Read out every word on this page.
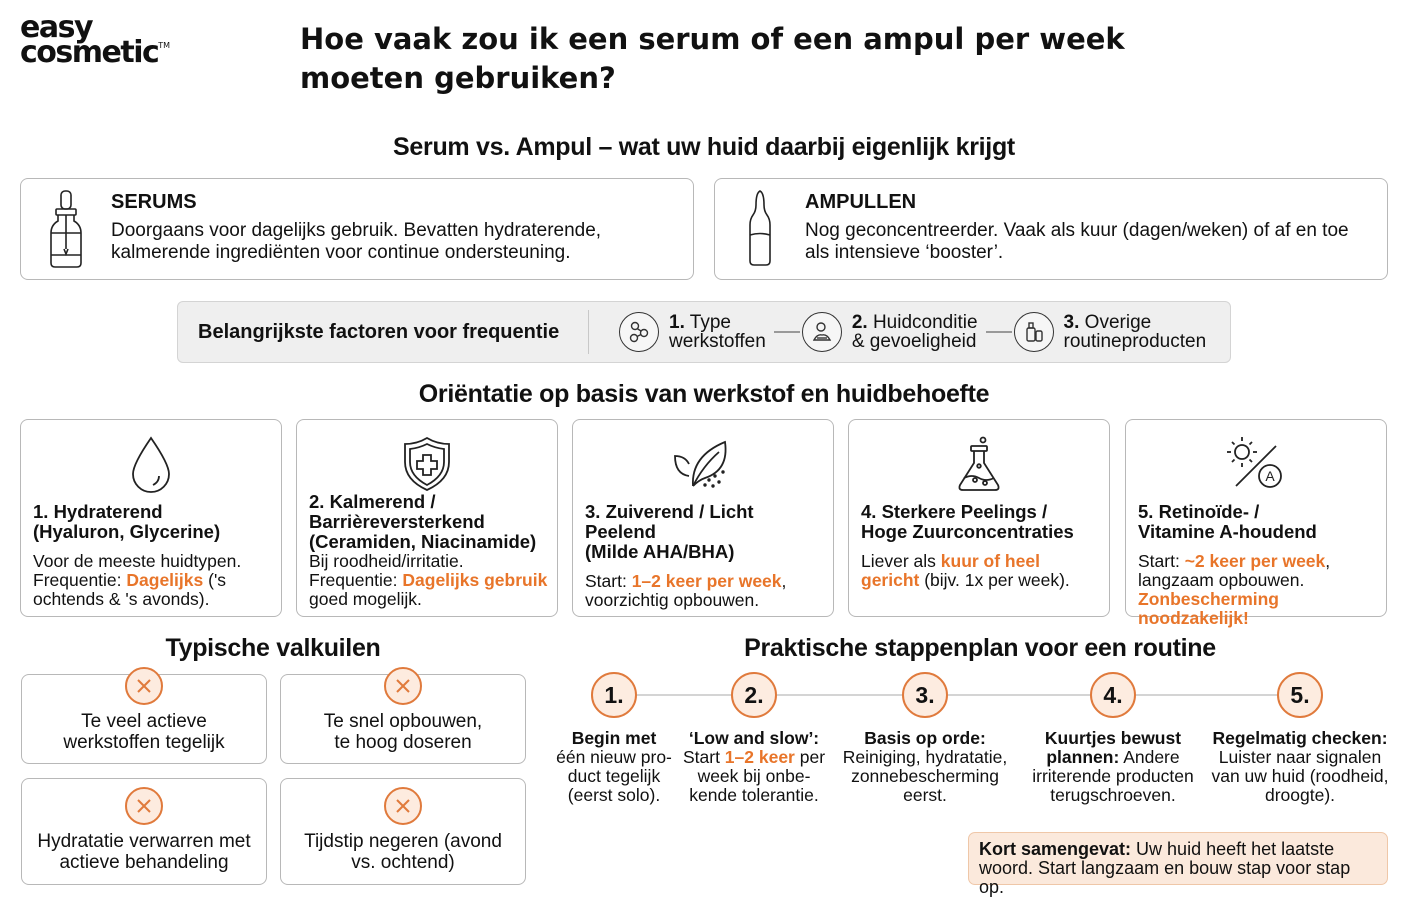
easy
cosmetic™	Hoe vaak zou ik een serum of een ampul per week moeten gebruiken?
Serum vs. Ampul – wat uw huid daarbij eigenlijk krijgt
SERUMS
Doorgaans voor dagelijks gebruik. Bevatten hydraterende, kalmerende ingrediënten voor continue ondersteuning.
AMPULLEN
Nog geconcentreerder. Vaak als kuur (dagen/weken) of af en toe als intensieve ‘booster’.
Belangrijkste factoren voor frequentie	1. Type
werkstoffen
2. Huidconditie
& gevoeligheid
3. Overige
routineproducten
Oriëntatie op basis van werkstof en huidbehoefte
1. Hydraterend
(Hyaluron, Glycerine)
Voor de meeste huidtypen. Frequentie: Dagelijks ('s ochtends & 's avonds).
2. Kalmerend /
Barrièreversterkend
(Ceramiden, Niacinamide)
Bij roodheid/irritatie. Frequentie: Dagelijks gebruik goed mogelijk.
3. Zuiverend / Licht Peelend
(Milde AHA/BHA)
Start: 1–2 keer per week, voorzichtig opbouwen.
4. Sterkere Peelings /
Hoge Zuurconcentraties
Liever als kuur of heel gericht (bijv. 1x per week).
A
5. Retinoïde- /
Vitamine A-houdend
Start: ~2 keer per week, langzaam opbouwen.
Zonbescherming noodzakelijk!
Typische valkuilen
Te veel actieve
werkstoffen tegelijk
Te snel opbouwen,
te hoog doseren
Hydratatie verwarren met
actieve behandeling
Tijdstip negeren (avond
vs. ochtend)
Praktische stappenplan voor een routine
1.	2.	3.	4.	5.
Begin met
één nieuw pro-duct tegelijk (eerst solo).
‘Low and slow’:
Start 1–2 keer per week bij onbe-kende tolerantie.
Basis op orde:
Reiniging, hydratatie, zonnebescherming eerst.
Kuurtjes bewust plannen: Andere irriterende producten terugschroeven.
Regelmatig checken:
Luister naar signalen van uw huid (roodheid, droogte).
Kort samengevat: Uw huid heeft het laatste woord. Start langzaam en bouw stap voor stap op.
